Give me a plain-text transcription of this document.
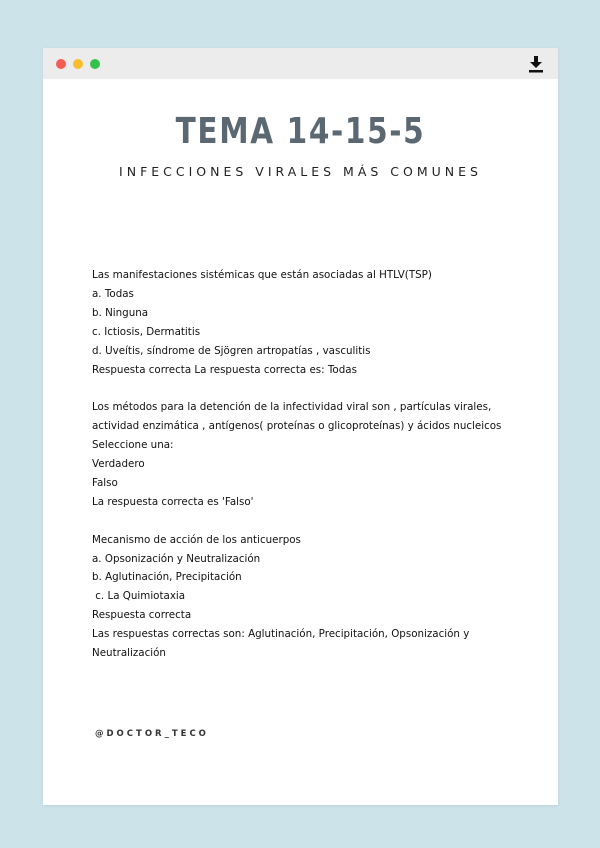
TEMA 14-15-5
INFECCIONES VIRALES MÁS COMUNES
Las manifestaciones sistémicas que están asociadas al HTLV(TSP)
a. Todas
b. Ninguna
c. Ictiosis, Dermatitis
d. Uveítis, síndrome de Sjögren artropatías , vasculitis
Respuesta correcta La respuesta correcta es: Todas
Los métodos para la detención de la infectividad viral son , partículas virales,
actividad enzimática , antígenos( proteínas o glicoproteínas) y ácidos nucleicos
Seleccione una:
Verdadero
Falso
La respuesta correcta es 'Falso'
Mecanismo de acción de los anticuerpos
a. Opsonización y Neutralización
b. Aglutinación, Precipitación
c. La Quimiotaxia
Respuesta correcta
Las respuestas correctas son: Aglutinación, Precipitación, Opsonización y
Neutralización
@DOCTOR_TECO
